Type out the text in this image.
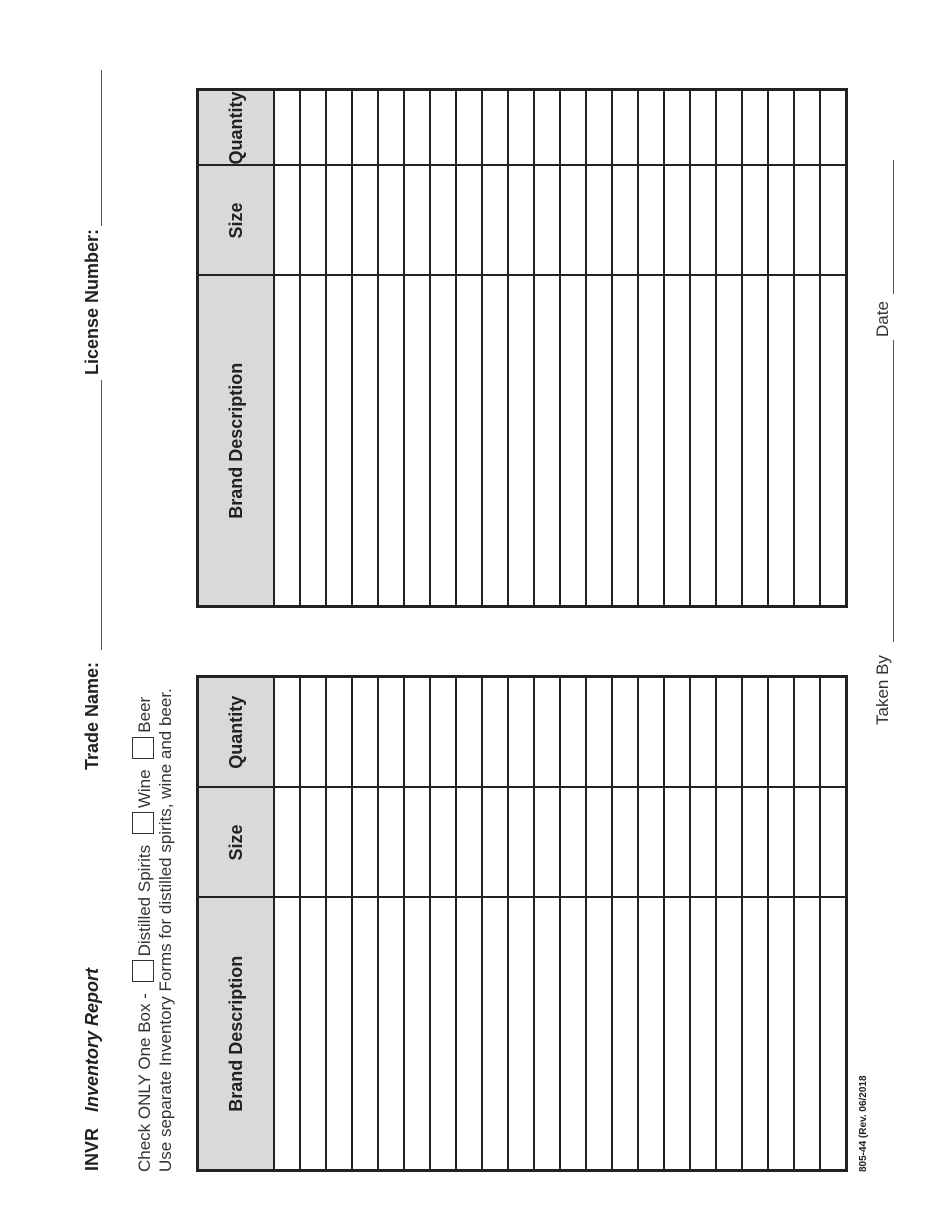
INVR
Inventory Report
Trade Name:
License Number:
Check ONLY One Box - Distilled Spirits Wine Beer Use separate Inventory Forms for distilled spirits, wine and beer.	Brand Description	Size	Quantity

Brand Description	Size	Quantity

805-44 (Rev. 06/2018
Taken By
Date
